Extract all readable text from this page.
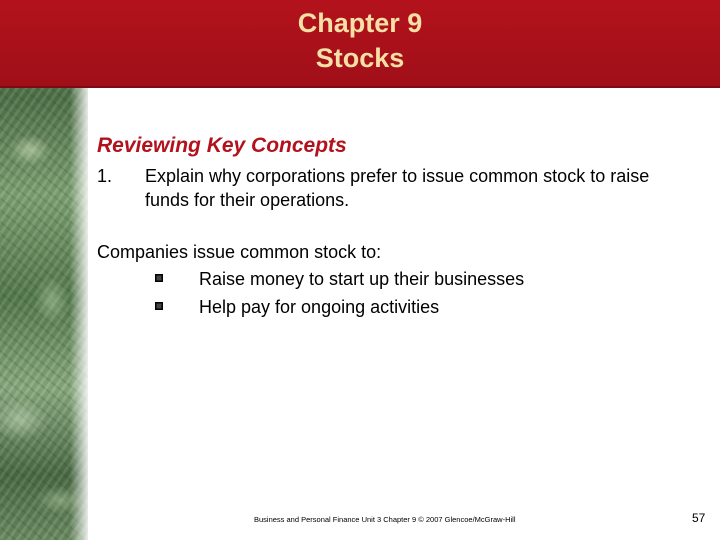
Chapter 9
Stocks
Reviewing Key Concepts
1. Explain why corporations prefer to issue common stock to raise funds for their operations.
Companies issue common stock to:
Raise money to start up their businesses
Help pay for ongoing activities
Business and Personal Finance Unit 3 Chapter 9 © 2007 Glencoe/McGraw-Hill	57
